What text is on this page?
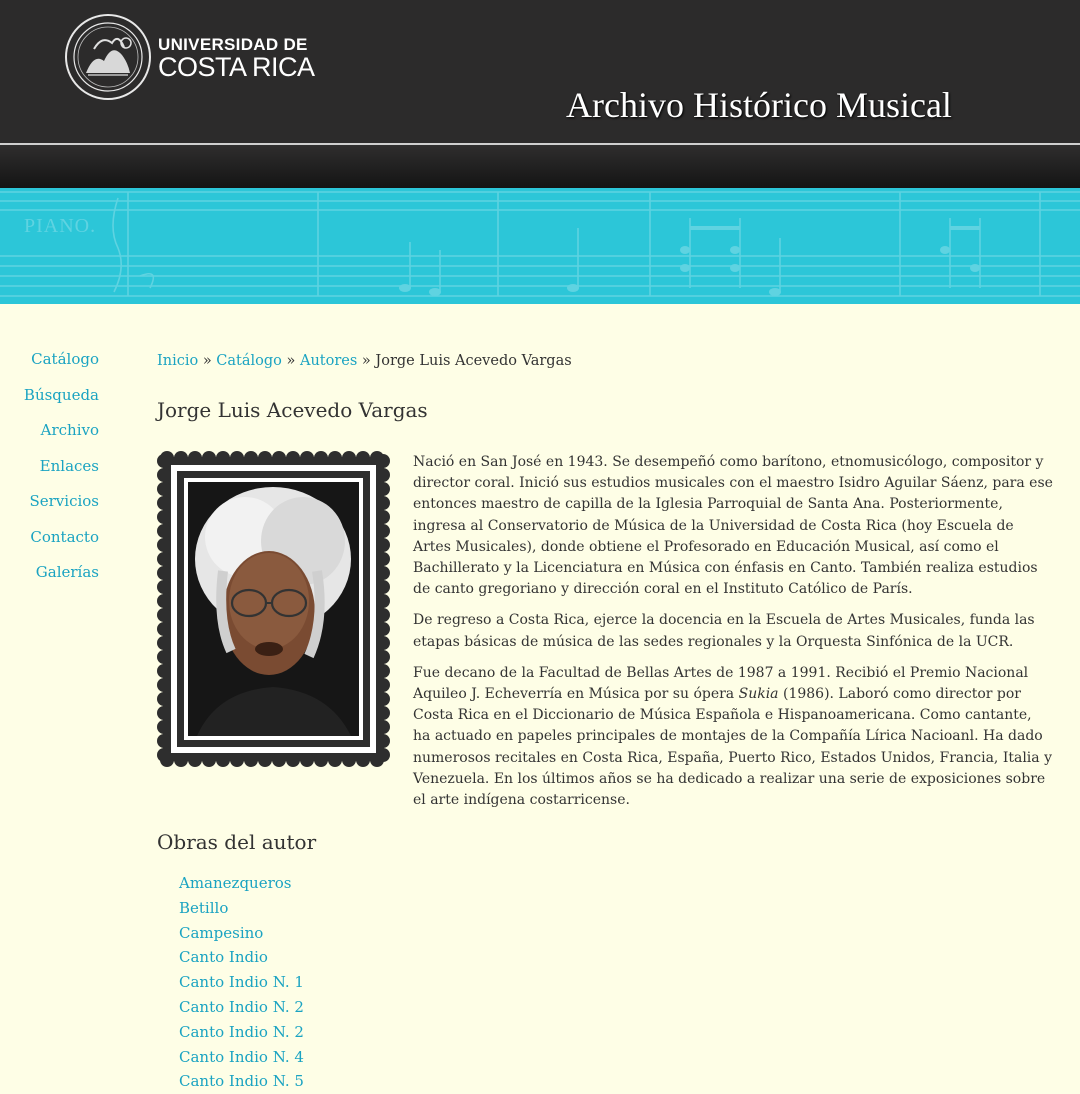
UNIVERSIDAD DE
COSTA RICA
Archivo Histórico Musical
PIANO.
Catálogo
Búsqueda
Archivo
Enlaces
Servicios
Contacto
Galerías
Inicio » Catálogo » Autores » Jorge Luis Acevedo Vargas
Jorge Luis Acevedo Vargas

Nació en San José en 1943. Se desempeñó como barítono, etnomusicólogo, compositor y director coral. Inició sus estudios musicales con el maestro Isidro Aguilar Sáenz, para ese entonces maestro de capilla de la Iglesia Parroquial de Santa Ana. Posteriormente, ingresa al Conservatorio de Música de la Universidad de Costa Rica (hoy Escuela de Artes Musicales), donde obtiene el Profesorado en Educación Musical, así como el Bachillerato y la Licenciatura en Música con énfasis en Canto. También realiza estudios de canto gregoriano y dirección coral en el Instituto Católico de París.

De regreso a Costa Rica, ejerce la docencia en la Escuela de Artes Musicales, funda las etapas básicas de música de las sedes regionales y la Orquesta Sinfónica de la UCR.

Fue decano de la Facultad de Bellas Artes de 1987 a 1991. Recibió el Premio Nacional Aquileo J. Echeverría en Música por su ópera Sukia (1986). Laboró como director por Costa Rica en el Diccionario de Música Española e Hispanoamericana. Como cantante, ha actuado en papeles principales de montajes de la Compañía Lírica Nacioanl. Ha dado numerosos recitales en Costa Rica, España, Puerto Rico, Estados Unidos, Francia, Italia y Venezuela. En los últimos años se ha dedicado a realizar una serie de exposiciones sobre el arte indígena costarricense.

Obras del autor
Amanezqueros
Betillo
Campesino
Canto Indio
Canto Indio N. 1
Canto Indio N. 2
Canto Indio N. 2
Canto Indio N. 4
Canto Indio N. 5
